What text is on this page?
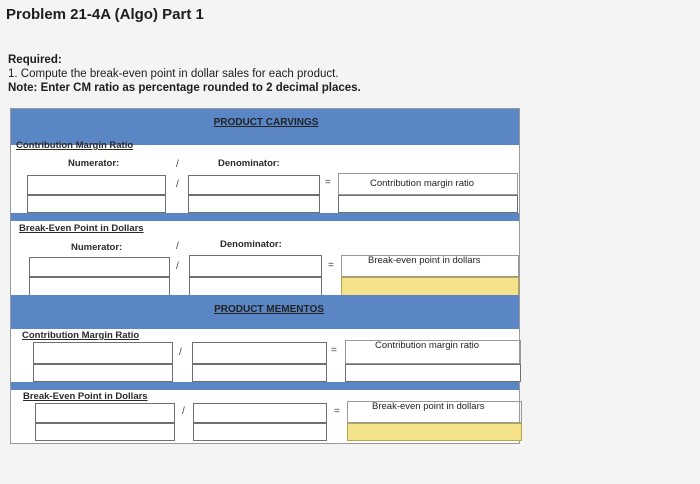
Problem 21-4A (Algo) Part 1
Required:
1. Compute the break-even point in dollar sales for each product.
Note: Enter CM ratio as percentage rounded to 2 decimal places.
PRODUCT CARVINGS
Contribution Margin Ratio
Numerator:	Denominator:
/
/	=	Contribution margin ratio
Break-Even Point in Dollars
Numerator:	Denominator:
/
/	=	Break-even point in dollars
PRODUCT MEMENTOS
Contribution Margin Ratio
/	=	Contribution margin ratio
Break-Even Point in Dollars
/	=	Break-even point in dollars
